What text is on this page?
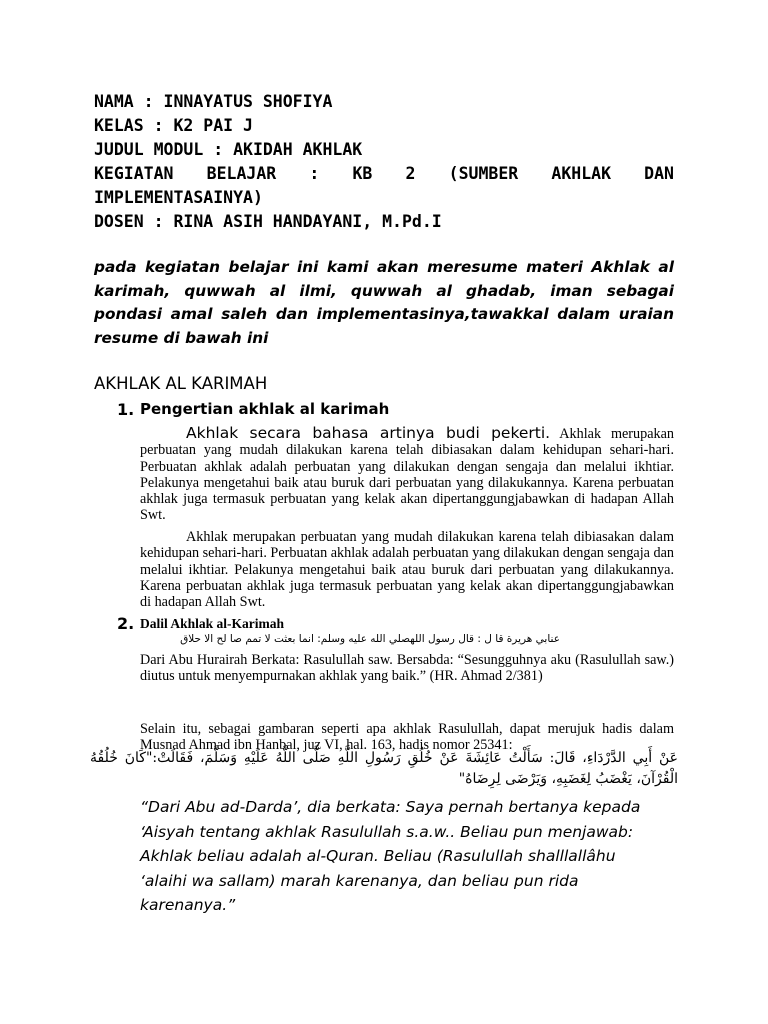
NAMA : INNAYATUS SHOFIYA
KELAS : K2 PAI J
JUDUL MODUL : AKIDAH AKHLAK
KEGIATAN BELAJAR : KB 2 (SUMBER AKHLAK DAN
IMPLEMENTASAINYA)
DOSEN : RINA ASIH HANDAYANI, M.Pd.I
pada kegiatan belajar ini kami akan meresume materi Akhlak al karimah, quwwah al ilmi, quwwah al ghadab, iman sebagai pondasi amal saleh dan implementasinya,tawakkal dalam uraian resume di bawah ini
AKHLAK AL KARIMAH
1. Pengertian akhlak al karimah
Akhlak secara bahasa artinya budi pekerti. Akhlak merupakan perbuatan yang mudah dilakukan karena telah dibiasakan dalam kehidupan sehari-hari. Perbuatan akhlak adalah perbuatan yang dilakukan dengan sengaja dan melalui ikhtiar. Pelakunya mengetahui baik atau buruk dari perbuatan yang dilakukannya. Karena perbuatan akhlak juga termasuk perbuatan yang kelak akan dipertanggungjabawkan di hadapan Allah Swt.
Akhlak merupakan perbuatan yang mudah dilakukan karena telah dibiasakan dalam kehidupan sehari-hari. Perbuatan akhlak adalah perbuatan yang dilakukan dengan sengaja dan melalui ikhtiar. Pelakunya mengetahui baik atau buruk dari perbuatan yang dilakukannya. Karena perbuatan akhlak juga termasuk perbuatan yang kelak akan dipertanggungjabawkan di hadapan Allah Swt.
2. Dalil Akhlak al-Karimah
عنابي هريرة قا ل : قال رسول اللهصلي الله عليه وسلم: انما بعثت لا تمم صا لح الا حلاق
Dari Abu Hurairah Berkata: Rasulullah saw. Bersabda: “Sesungguhnya aku (Rasulullah saw.) diutus untuk menyempurnakan akhlak yang baik.” (HR. Ahmad 2/381)
Selain itu, sebagai gambaran seperti apa akhlak Rasulullah, dapat merujuk hadis dalam Musnad Ahmad ibn Hanbal, juz VI, hal. 163, hadis nomor 25341:
عَنْ أَبِي الدَّرْدَاءِ، قَالَ: سَأَلْتُ عَائِشَةَ عَنْ خُلُقِ رَسُولِ اللَّهِ صَلَّى اللَّهُ عَلَيْهِ وَسَلَّمَ، فَقَالَتْ:"كَانَ خُلُقُهُ الْقُرْآنَ، يَغْضَبُ لِغَضَبِهِ، وَيَرْضَى لِرِضَاهُ"
“Dari Abu ad-Darda’, dia berkata: Saya pernah bertanya kepada ‘Aisyah tentang akhlak Rasulullah s.a.w.. Beliau pun menjawab: Akhlak beliau adalah al-Quran. Beliau (Rasulullah shalllallâhu ‘alaihi wa sallam) marah karenanya, dan beliau pun rida karenanya.”
